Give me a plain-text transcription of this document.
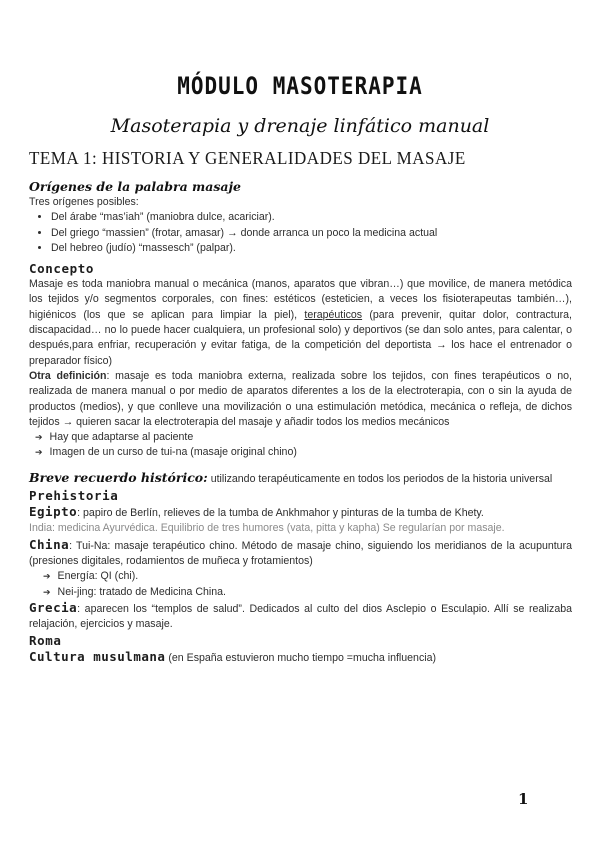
MÓDULO MASOTERAPIA
Masoterapia y drenaje linfático manual
TEMA 1: HISTORIA Y GENERALIDADES DEL MASAJE
Orígenes de la palabra masaje

Tres orígenes posibles:

• Del árabe “mas’iah” (maniobra dulce, acariciar).
• Del griego “massien” (frotar, amasar) → donde arranca un poco la medicina actual
• Del hebreo (judío) “massesch” (palpar).
Concepto

Masaje es toda maniobra manual o mecánica (manos, aparatos que vibran…) que movilice, de manera metódica los tejidos y/o segmentos corporales, con fines: estéticos (esteticien, a veces los fisioterapeutas también…), higiénicos (los que se aplican para limpiar la piel), terapéuticos (para prevenir, quitar dolor, contractura, discapacidad… no lo puede hacer cualquiera, un profesional solo) y deportivos (se dan solo antes, para calentar, o después,para enfriar, recuperación y evitar fatiga, de la competición del deportista → los hace el entrenador o preparador físico)

Otra definición: masaje es toda maniobra externa, realizada sobre los tejidos, con fines terapéuticos o no, realizada de manera manual o por medio de aparatos diferentes a los de la electroterapia, con o sin la ayuda de productos (medios), y que conlleve una movilización o una estimulación metódica, mecánica o refleja, de dichos tejidos → quieren sacar la electroterapia del masaje y añadir todos los medios mecánicos

➔ Hay que adaptarse al paciente
➔ Imagen de un curso de tui-na (masaje original chino)

Breve recuerdo histórico: utilizando terapéuticamente en todos los periodos de la historia universal

Prehistoria

Egipto: papiro de Berlín, relieves de la tumba de Ankhmahor y pinturas de la tumba de Khety.

India: medicina Ayurvédica. Equilibrio de tres humores (vata, pitta y kapha) Se regularían por masaje.

China: Tui-Na: masaje terapéutico chino. Método de masaje chino, siguiendo los meridianos de la acupuntura (presiones digitales, rodamientos de muñeca y frotamientos)

➔ Energía: QI (chi).
➔ Nei-jing: tratado de Medicina China.

Grecia: aparecen los “templos de salud”. Dedicados al culto del dios Asclepio o Esculapio. Allí se realizaba relajación, ejercicios y masaje.

Roma

Cultura musulmana (en España estuvieron mucho tiempo =mucha influencia)

1
